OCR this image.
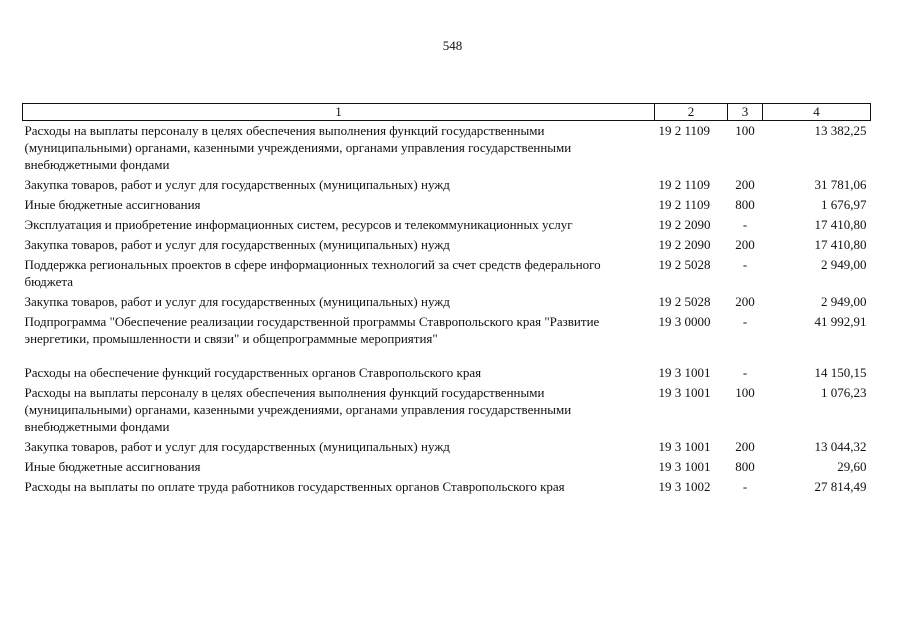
548
1	2	3	4
Расходы на выплаты персоналу в целях обеспечения выполнения функций государственными (муниципальными) органами, казенными учреждениями, органами управления государственными внебюджетными фондами	19 2 1109	100	13 382,25
Закупка товаров, работ и услуг для государственных (муниципальных) нужд	19 2 1109	200	31 781,06
Иные бюджетные ассигнования	19 2 1109	800	1 676,97
Эксплуатация и приобретение информационных систем, ресурсов и телекоммуникационных услуг	19 2 2090	-	17 410,80
Закупка товаров, работ и услуг для государственных (муниципальных) нужд	19 2 2090	200	17 410,80
Поддержка региональных проектов в сфере информационных технологий за счет средств федерального бюджета	19 2 5028	-	2 949,00
Закупка товаров, работ и услуг для государственных (муниципальных) нужд	19 2 5028	200	2 949,00
Подпрограмма "Обеспечение реализации государственной программы Ставропольского края "Развитие энергетики, промышленности и связи" и общепрограммные мероприятия"	19 3 0000	-	41 992,91

Расходы на обеспечение функций государственных органов Ставропольского края	19 3 1001	-	14 150,15
Расходы на выплаты персоналу в целях обеспечения выполнения функций государственными (муниципальными) органами, казенными учреждениями, органами управления государственными внебюджетными фондами	19 3 1001	100	1 076,23
Закупка товаров, работ и услуг для государственных (муниципальных) нужд	19 3 1001	200	13 044,32
Иные бюджетные ассигнования	19 3 1001	800	29,60
Расходы на выплаты по оплате труда работников государственных органов Ставропольского края	19 3 1002	-	27 814,49
